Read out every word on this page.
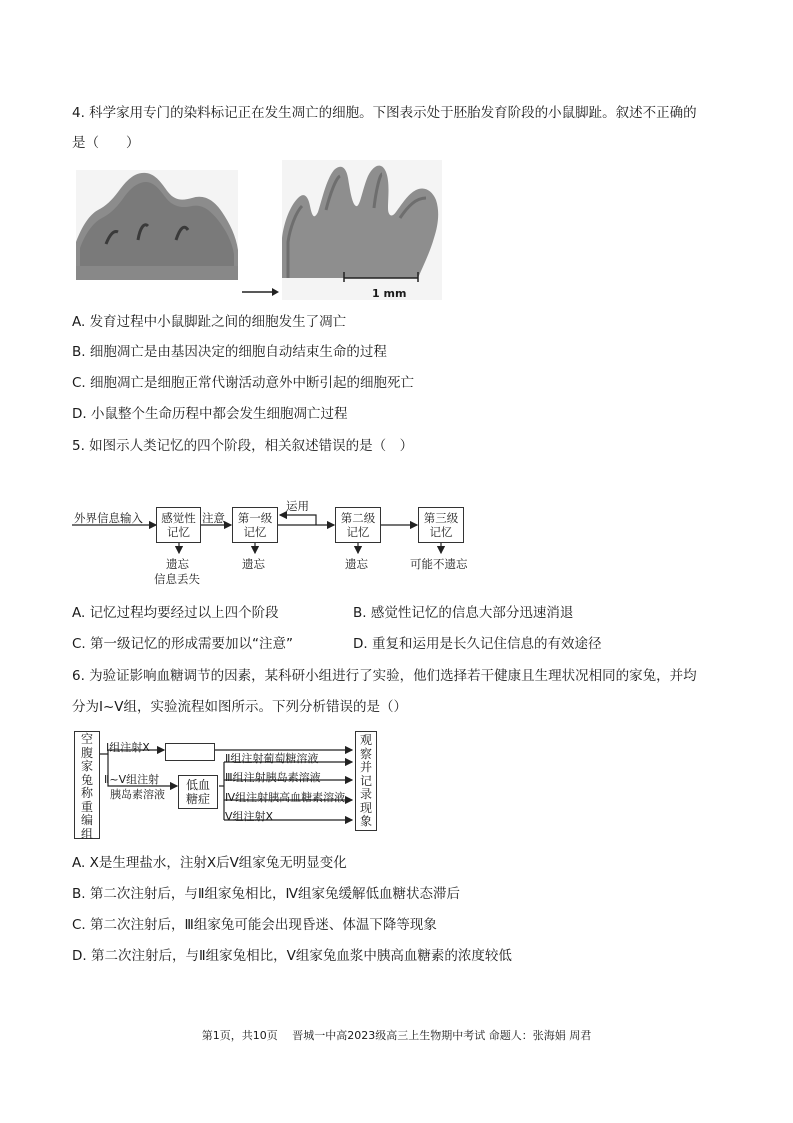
4. 科学家用专门的染料标记正在发生凋亡的细胞。下图表示处于胚胎发育阶段的小鼠脚趾。叙述不正确的
是（　　）
1 mm
A. 发育过程中小鼠脚趾之间的细胞发生了凋亡
B. 细胞凋亡是由基因决定的细胞自动结束生命的过程
C. 细胞凋亡是细胞正常代谢活动意外中断引起的细胞死亡
D. 小鼠整个生命历程中都会发生细胞凋亡过程
5. 如图示人类记忆的四个阶段，相关叙述错误的是（　）
外界信息输入	感觉性
记忆
注意	第一级
记忆
运用
第二级
记忆
第三级
记忆
遗忘
信息丢失
遗忘	遗忘	可能不遗忘
A. 记忆过程均要经过以上四个阶段	B. 感觉性记忆的信息大部分迅速消退
C. 第一级记忆的形成需要加以“注意”	D. 重复和运用是长久记住信息的有效途径
6. 为验证影响血糖调节的因素，某科研小组进行了实验，他们选择若干健康且生理状况相同的家兔，并均
分为Ⅰ~Ⅴ组，实验流程如图所示。下列分析错误的是（）
空
腹
家
兔
称
重
编
组
Ⅰ组注射X
Ⅱ~Ⅴ组注射
胰岛素溶液
低血
糖症
Ⅱ组注射葡萄糖溶液
Ⅲ组注射胰岛素溶液
Ⅳ组注射胰高血糖素溶液
Ⅴ组注射X
观
察
并
记
录
现
象
A. X是生理盐水，注射X后Ⅴ组家兔无明显变化
B. 第二次注射后，与Ⅱ组家兔相比，Ⅳ组家兔缓解低血糖状态滞后
C. 第二次注射后，Ⅲ组家兔可能会出现昏迷、体温下降等现象
D. 第二次注射后，与Ⅱ组家兔相比，Ⅴ组家兔血浆中胰高血糖素的浓度较低
第1页，共10页　 晋城一中高2023级高三上生物期中考试 命题人：张海娟 周君
